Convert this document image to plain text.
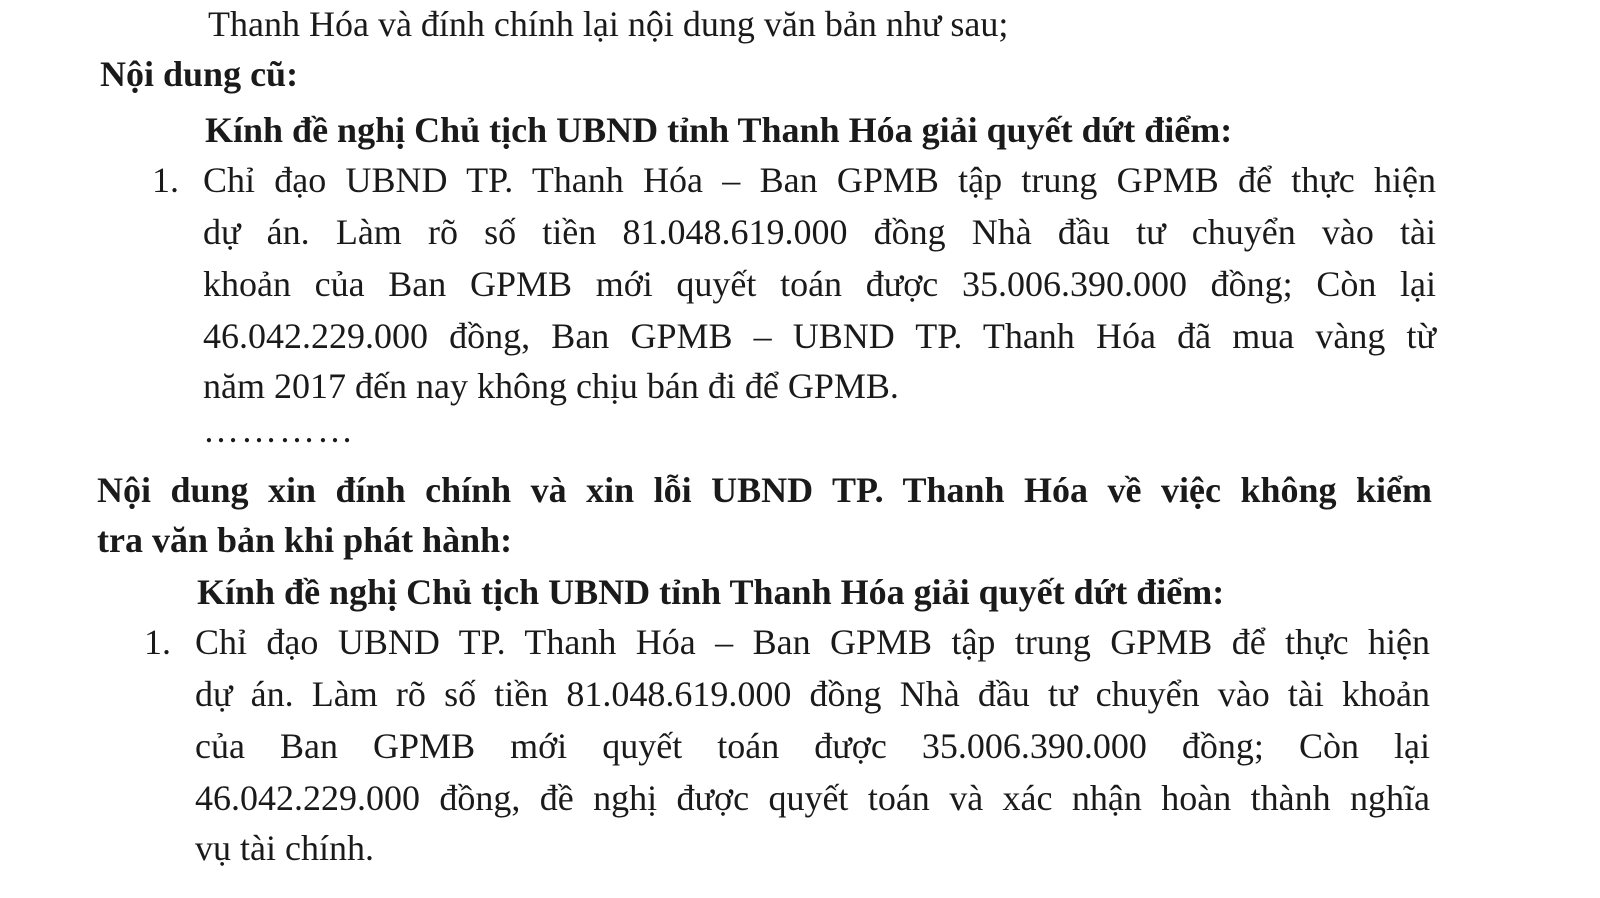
Thanh Hóa và đính chính lại nội dung văn bản như sau;
Nội dung cũ:
Kính đề nghị Chủ tịch UBND tỉnh Thanh Hóa giải quyết dứt điểm:
1. Chỉ đạo UBND TP. Thanh Hóa – Ban GPMB tập trung GPMB để thực hiện
dự án. Làm rõ số tiền 81.048.619.000 đồng Nhà đầu tư chuyển vào tài
khoản của Ban GPMB mới quyết toán được 35.006.390.000 đồng; Còn lại
46.042.229.000 đồng, Ban GPMB – UBND TP. Thanh Hóa đã mua vàng từ
năm 2017 đến nay không chịu bán đi để GPMB.
…………
Nội dung xin đính chính và xin lỗi UBND TP. Thanh Hóa về việc không kiểm
tra văn bản khi phát hành:
Kính đề nghị Chủ tịch UBND tỉnh Thanh Hóa giải quyết dứt điểm:
1. Chỉ đạo UBND TP. Thanh Hóa – Ban GPMB tập trung GPMB để thực hiện
dự án. Làm rõ số tiền 81.048.619.000 đồng Nhà đầu tư chuyển vào tài khoản
của Ban GPMB mới quyết toán được 35.006.390.000 đồng; Còn lại
46.042.229.000 đồng, đề nghị được quyết toán và xác nhận hoàn thành nghĩa
vụ tài chính.
